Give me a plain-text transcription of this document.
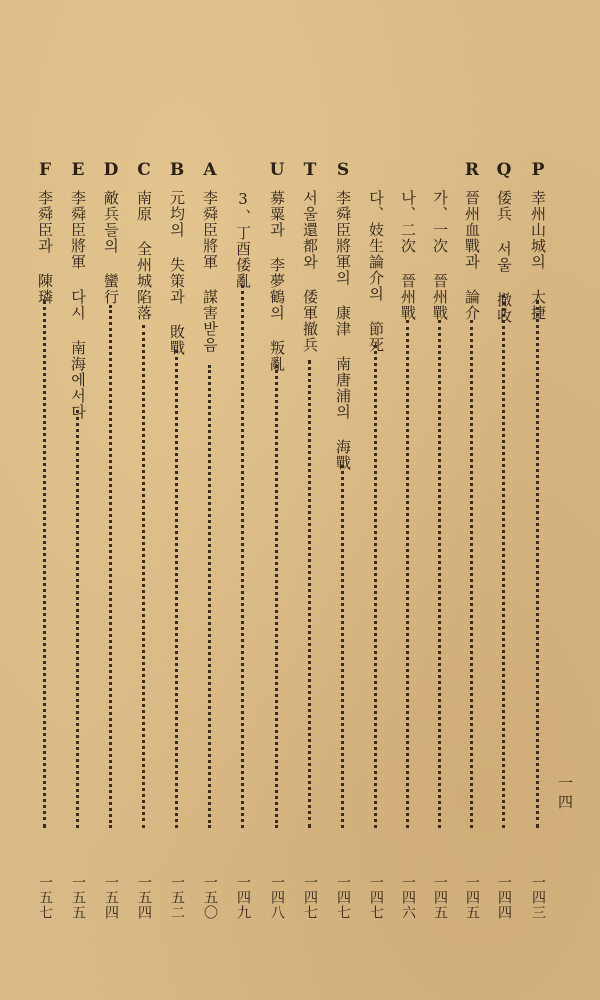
一四
P
幸州山城의 大捷
一四三
Q
倭兵 서울 撤收
一四四
R
晉州血戰과 論介
一四五
가、一次 晉州戰
一四五
나、二次 晉州戰
一四六
다、妓生論介의 節死
一四七
S
李舜臣將軍의 康津 南唐浦의 海戰
一四七
T
서울還都와 倭軍撤兵
一四七
U
募粟과 李夢鶴의 叛亂
一四八
3、丁酉倭亂
一四九
A
李舜臣將軍 謀害받음
一五〇
B
元均의 失策과 敗戰
一五二
C
南原 全州城陷落
一五四
D
敵兵들의 蠻行
一五四
E
李舜臣將軍 다시 南海에서다
一五五
F
李舜臣과 陳璘
一五七
